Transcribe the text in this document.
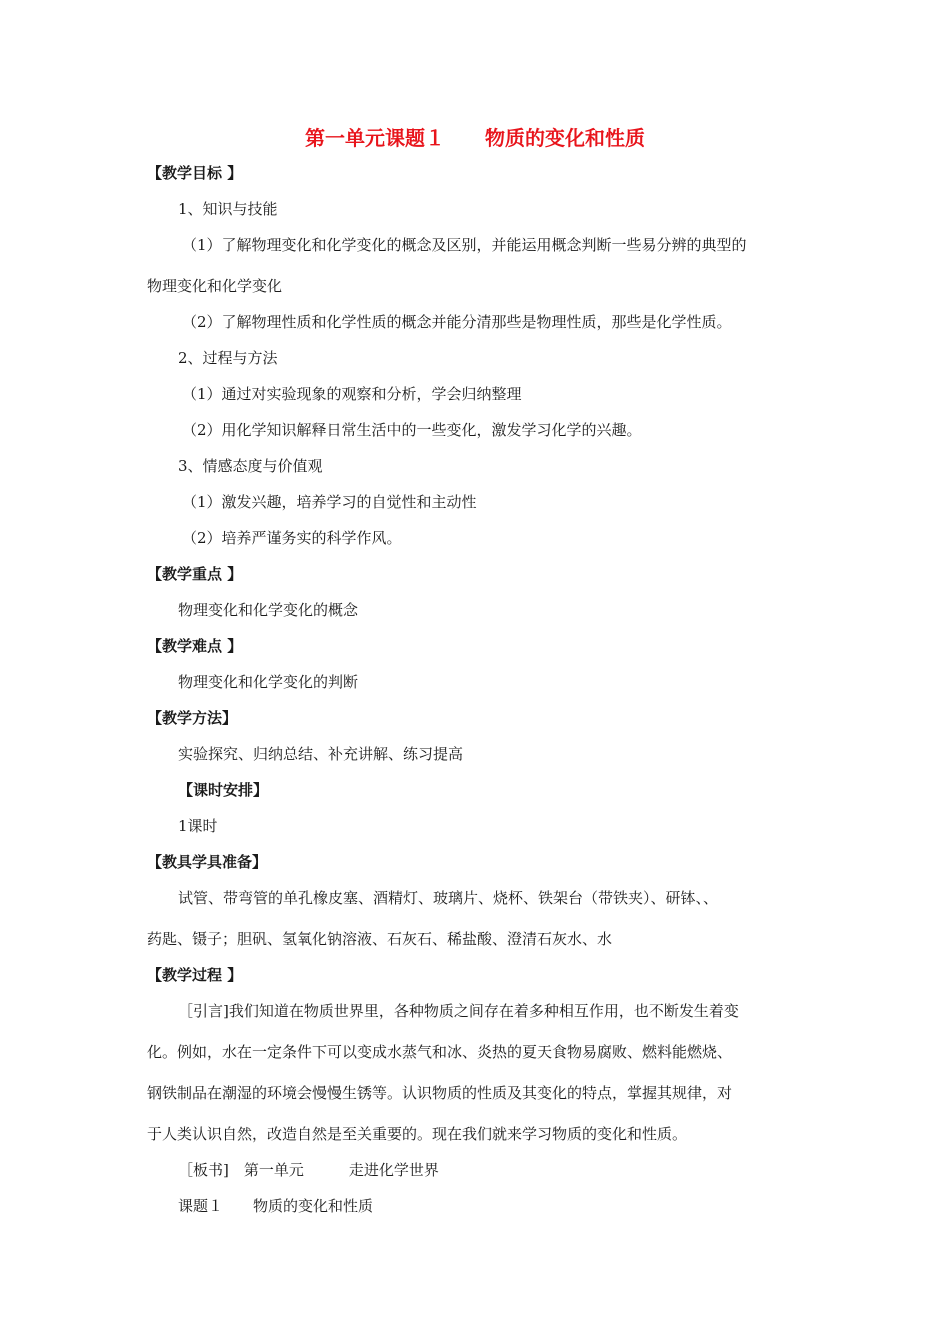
第一单元课题１　　物质的变化和性质
【教学目标 】
1、知识与技能
（1）了解物理变化和化学变化的概念及区别，并能运用概念判断一些易分辨的典型的
物理变化和化学变化
（2）了解物理性质和化学性质的概念并能分清那些是物理性质，那些是化学性质。
2、过程与方法
（1）通过对实验现象的观察和分析，学会归纳整理
（2）用化学知识解释日常生活中的一些变化，激发学习化学的兴趣。
3、情感态度与价值观
（1）激发兴趣，培养学习的自觉性和主动性
（2）培养严谨务实的科学作风。
【教学重点 】
物理变化和化学变化的概念
【教学难点 】
物理变化和化学变化的判断
【教学方法】
实验探究、归纳总结、补充讲解、练习提高
【课时安排】
1课时
【教具学具准备】
试管、带弯管的单孔橡皮塞、酒精灯、玻璃片、烧杯、铁架台（带铁夹）、研钵、、
药匙、镊子；胆矾、氢氧化钠溶液、石灰石、稀盐酸、澄清石灰水、水
【教学过程 】
［引言]我们知道在物质世界里，各种物质之间存在着多种相互作用，也不断发生着变
化。例如，水在一定条件下可以变成水蒸气和冰、炎热的夏天食物易腐败、燃料能燃烧、
钢铁制品在潮湿的环境会慢慢生锈等。认识物质的性质及其变化的特点，掌握其规律，对
于人类认识自然，改造自然是至关重要的。现在我们就来学习物质的变化和性质。
［板书]　第一单元　　　走进化学世界
课题１　　物质的变化和性质
